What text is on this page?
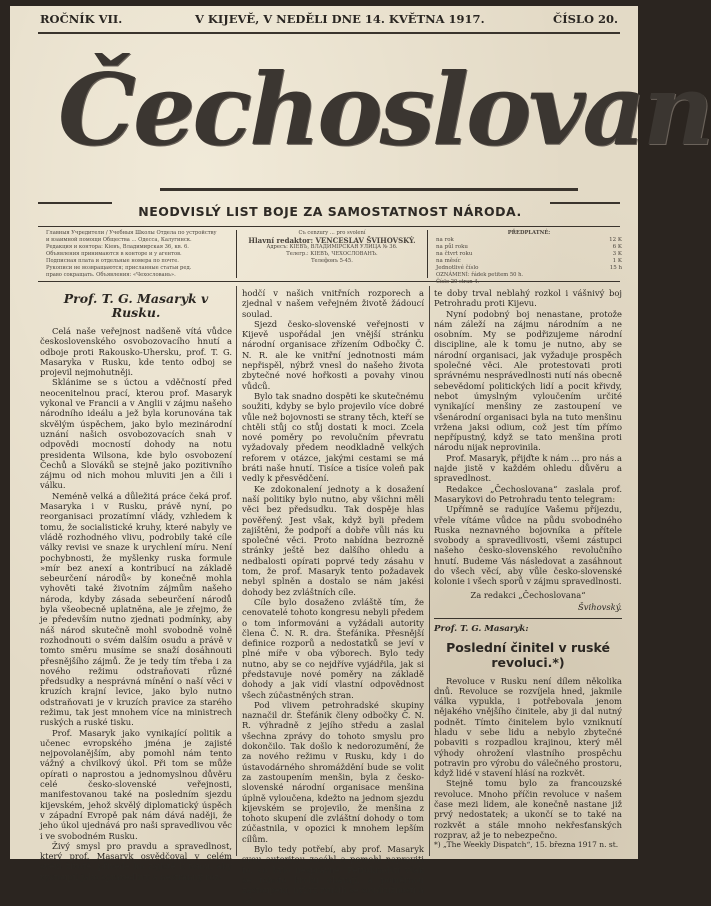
ROČNÍK VII.	V KIJEVĚ, V NEDĚLI DNE 14. KVĚTNA 1917.	ČÍSLO 20.
Čechoslovan
NEODVISLÝ LIST BOJE ZA SAMOSTATNOST NÁRODA.
Главныя Учредители / Учебныя Школы Отдела по устройству
и взаимной помощи Общества ... Одесса, Калугинск.
Редакция и контора: Кiевъ, Владимирская 36, кв. 6.
Объявления принимаются в конторе и у агентов.
Подписная плата и отдельные номера по почте.
Рукописи не возвращаются; присланные статьи ред.
право сокращать. Объявления: «Чехословань».
Съ cenzury ... pro svolení
Hlavní redaktor: VENCESLAV ŠVIHOVSKÝ.
Адресъ: КIЕВЪ, ВЛАДИМIРСКАЯ УЛИЦА № 36.
Телегр.: КIЕВЪ, ЧЕХОСЛОВАНЪ.
Телефонъ 5-45.
PŘEDPLATNÉ:
na rok	12 K
na půl roku	6 K
na čtvrt roku	3 K
na měsíc	1 K
Jednotlivé číslo	15 h
OZNÁMENÍ: řádek petitem 50 h.
Číslo 20 stran 4.
Prof. T. G. Masaryk v Rusku.

Celá naše veřejnost nadšeně vítá vůdce československého osvobozovacího hnutí a odboje proti Rakousko-Uhersku, prof. T. G. Masaryka v Rusku, kde tento odboj se projevil nejmohutněji.

Sklánime se s úctou a vděčností před neocenitelnou prací, kterou prof. Masaryk vykonal ve Francii a v Anglii v zájmu našeho národního ideálu a jež byla korunována tak skvělým úspěchem, jako bylo mezinárodní uznání našich osvobozovacích snah v odpovědi mocností dohody na notu presidenta Wilsona, kde bylo osvobození Čechů a Slováků se stejně jako pozitivního zájmu od nich mohou mluviti jen a čili i válku.

Neméně velká a důležitá práce čeká prof. Masaryka i v Rusku, právě nyní, po reorganisaci prozatímní vlády, vzhledem k tomu, že socialistické kruhy, které nabyly ve vládě rozhodného vlivu, podrobily také cíle války revisi ve snaze k urychlení míru. Není pochybnosti, že myšlenky ruska formule »mír bez anexí a kontribucí na základě sebeurčení národů« by konečně mohla vyhověti také životním zájmům našeho národa, kdyby zásada sebeurčení národů byla všeobecně uplatněna, ale je zřejmo, že je především nutno zjednati podmínky, aby náš národ skutečně mohl svobodně volně rozhodnouti o svém dalším osudu a právě v tomto směru musíme se snaží dosáhnouti přesnějšího zájmů. Že je tedy tím třeba i za nového režimu odstraňovati různé předsudky a nesprávná mínění o naší věci v kruzích krajní levice, jako bylo nutno odstraňovati je v kruzích pravice za starého režimu, tak jest mnohem více na ministrech ruských a ruské tisku.

Prof. Masaryk jako vynikající politik a učenec evropského jména je zajisté nejpovolanějším, aby pomohl nám tento vážný a chvilkový úkol. Při tom se může opírati o naprostou a jednomyslnou důvěru celé česko-slovenské veřejnosti, manifestovanou také na posledním sjezdu kijevském, jehož skvělý diplomatický úspěch v západní Evropě pak nám dává naději, že jeho úkol ujednává pro naši spravedlivou věc i ve svobodném Rusku.

Živý smysl pro pravdu a spravedlnost, který prof. Masaryk osvědčoval v celém svém životě, přivede ho zajisté k tomu, aby vystoupil jako spravedlivý a nestranný roz-

hodčí v našich vnitřních rozporech a zjednal v našem veřejném životě žádoucí soulad.

Sjezd česko-slovenské veřejnosti v Kijevě uspořádal jen vnější stránku národní organisace zřízením Odbočky Č. N. R. ale ke vnitřní jednotnosti mám nepřispěl, nýbrž vnesl do našeho života zbytečné nové hořkosti a povahy vinou vůdců.

Bylo tak snadno dospěti ke skutečnému soužiti, kdyby se bylo projevilo více dobré vůle než bojovnosti se strany těch, kteří se chtěli stůj co stůj dostati k moci. Zcela nové poměry po revolučním převratu vyžadovaly předem neodkladně velkých reforem v otázce, jakými cestami se má bráti naše hnutí. Tisíce a tisíce voleň pak vedly k přesvědčení.

Ke zdokonalení jednoty a k dosažení naší politiky bylo nutno, aby všichni měli věci bez předsudku. Tak dospěje hlas pověřený. Jest však, když byli předem zajištěni, že podpoří a dobře vůli nás ku společné věci. Proto nabídna bezrozně stránky ještě bez dalšího ohledu a nedbalosti opírati poprvé tedy zásahu v tom, že prof. Masaryk tento požadavek nebyl splněn a dostalo se nám jakési dohody bez zvláštních cíle.

Cíle bylo dosaženo zvláště tím, že cenovatelé tohoto kongresu nebyli předem o tom informováni a vyžádali autority člena Č. N. R. dra. Štefánika. Přesnější definice rozporů a nedostatků se jeví v plné míře v oba výborech. Bylo tedy nutno, aby se co nejdříve vyjádřila, jak si představuje nové poměry na základě dohody a jak vidí vlastní odpovědnost všech zúčastněných stran.

Pod vlivem petrohradské skupiny naznačil dr. Štefánik členy odbočky Č. N. R. výhradně z jejího středu a zaslal všechna zprávy do tohoto smyslu pro dokončilo. Tak došlo k nedorozumění, že za nového režimu v Rusku, kdy i do ústavodárného shromáždění bude se volit za zastoupením menšin, byla z česko-slovenské národní organisace menšina úplně vyloučena, kdežto na jednom sjezdu kijevském se projevilo, že menšina z tohoto skupení dle zvláštní dohody o tom zúčastnila, v opozici k mnohem lepším cílům.

Bylo tedy potřebí, aby prof. Masaryk svou autoritou zasáhl a pomohl napraviti to, co bylo nesprávně. Petrohradští však se tohoto kroku obávají, a poměrnou zastoupení, nýbrž zrušili se soudružností a od

te doby trval neblahý rozkol i vášnivý boj Petrohradu proti Kijevu.

Nyní podobný boj nenastane, protože nám záleží na zájmu národním a ne osobním. My se podřizujeme národní discipline, ale k tomu je nutno, aby se národní organisaci, jak vyžaduje prospěch společné věci. Ale protestovati proti správnému nesprávedlnosti nutí nás obecně sebevědomí politických lidí a pocit křivdy, nebot úmyslným vyloučením určité vynikající menšiny ze zastoupení ve všenárodní organisaci byla na tuto menšinu vržena jaksi odium, což jest tím přímo nepřípustný, když se tato menšina proti národu nijak neprovinila.

Prof. Masaryk, přijďte k nám ... pro nás a najde jistě v každém ohledu důvěru a spravedlnost.

Redakce „Čechoslovana“ zaslala prof. Masarykovi do Petrohradu tento telegram:

Upřímně se radujíce Vašemu příjezdu, vřele vítáme vůdce na půdu svobodného Ruska neznavného bojovníka a přítele svobody a spravedlivosti, všemi zástupci našeho česko-slovenského revolučního hnutí. Budeme Vás následovat a zasáhnout do všech věcí, aby vůle česko-slovenské kolonie i všech sporů v zájmu spravedlnosti.

Za redakci „Čechoslovana“
Švihovský.
Prof. T. G. Masaryk:
Poslední činitel v ruské revoluci.*)

Revoluce v Rusku není dílem několika dnů. Revoluce se rozvíjela hned, jakmile válka vypukla, i potřebovala jenom nějakého vnějšího činitele, aby ji dal nutný podnět. Tímto činitelem bylo vzniknutí hladu v sebe lidu a nebylo zbytečné pobaviti s rozpadlou krajinou, který měl výhody ohrožení vlastního prospěchu potravin pro výrobu do válečného prostoru, když lidé v stavení hlásí na rozkvět.

Stejně tomu bylo za francouzské revoluce. Mnoho příčin revoluce v našem čase mezi lidem, ale konečně nastane již prvý nedostatek; a ukončí se to také na rozkvět a stále mnoho nekřesťanských rozprav, až je to nebezpečno.

*) „The Weekly Dispatch“, 15. března 1917 n. st.
